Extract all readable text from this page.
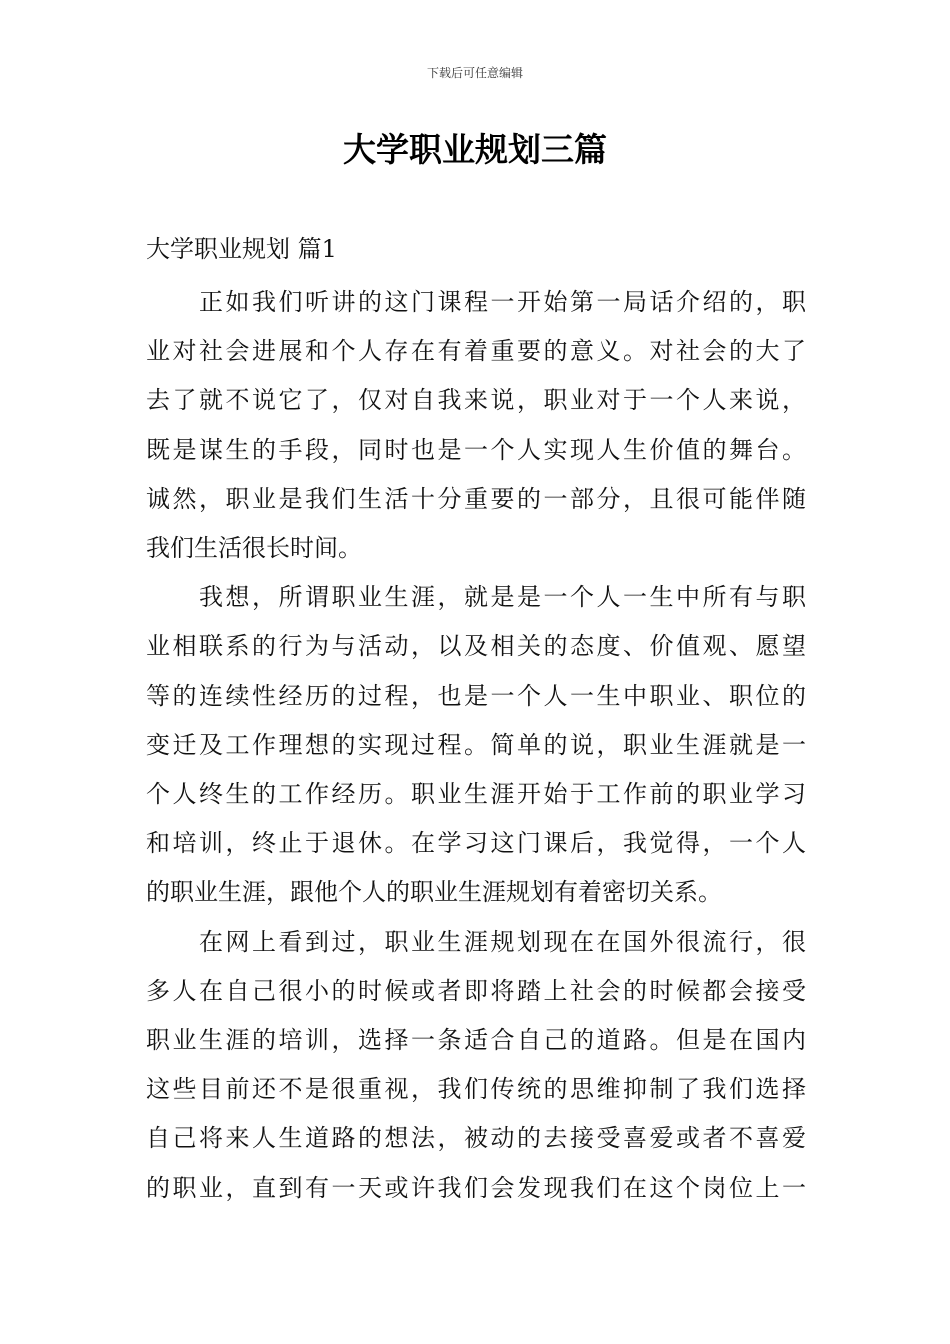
下载后可任意编辑
大学职业规划三篇
大学职业规划 篇1

正如我们听讲的这门课程一开始第一局话介绍的，职
业对社会进展和个人存在有着重要的意义。对社会的大了
去了就不说它了，仅对自我来说，职业对于一个人来说，
既是谋生的手段，同时也是一个人实现人生价值的舞台。
诚然，职业是我们生活十分重要的一部分，且很可能伴随
我们生活很长时间。

我想，所谓职业生涯，就是是一个人一生中所有与职
业相联系的行为与活动，以及相关的态度、价值观、愿望
等的连续性经历的过程，也是一个人一生中职业、职位的
变迁及工作理想的实现过程。简单的说，职业生涯就是一
个人终生的工作经历。职业生涯开始于工作前的职业学习
和培训，终止于退休。在学习这门课后，我觉得，一个人
的职业生涯，跟他个人的职业生涯规划有着密切关系。

在网上看到过，职业生涯规划现在在国外很流行，很
多人在自己很小的时候或者即将踏上社会的时候都会接受
职业生涯的培训，选择一条适合自己的道路。但是在国内
这些目前还不是很重视，我们传统的思维抑制了我们选择
自己将来人生道路的想法，被动的去接受喜爱或者不喜爱
的职业，直到有一天或许我们会发现我们在这个岗位上一
